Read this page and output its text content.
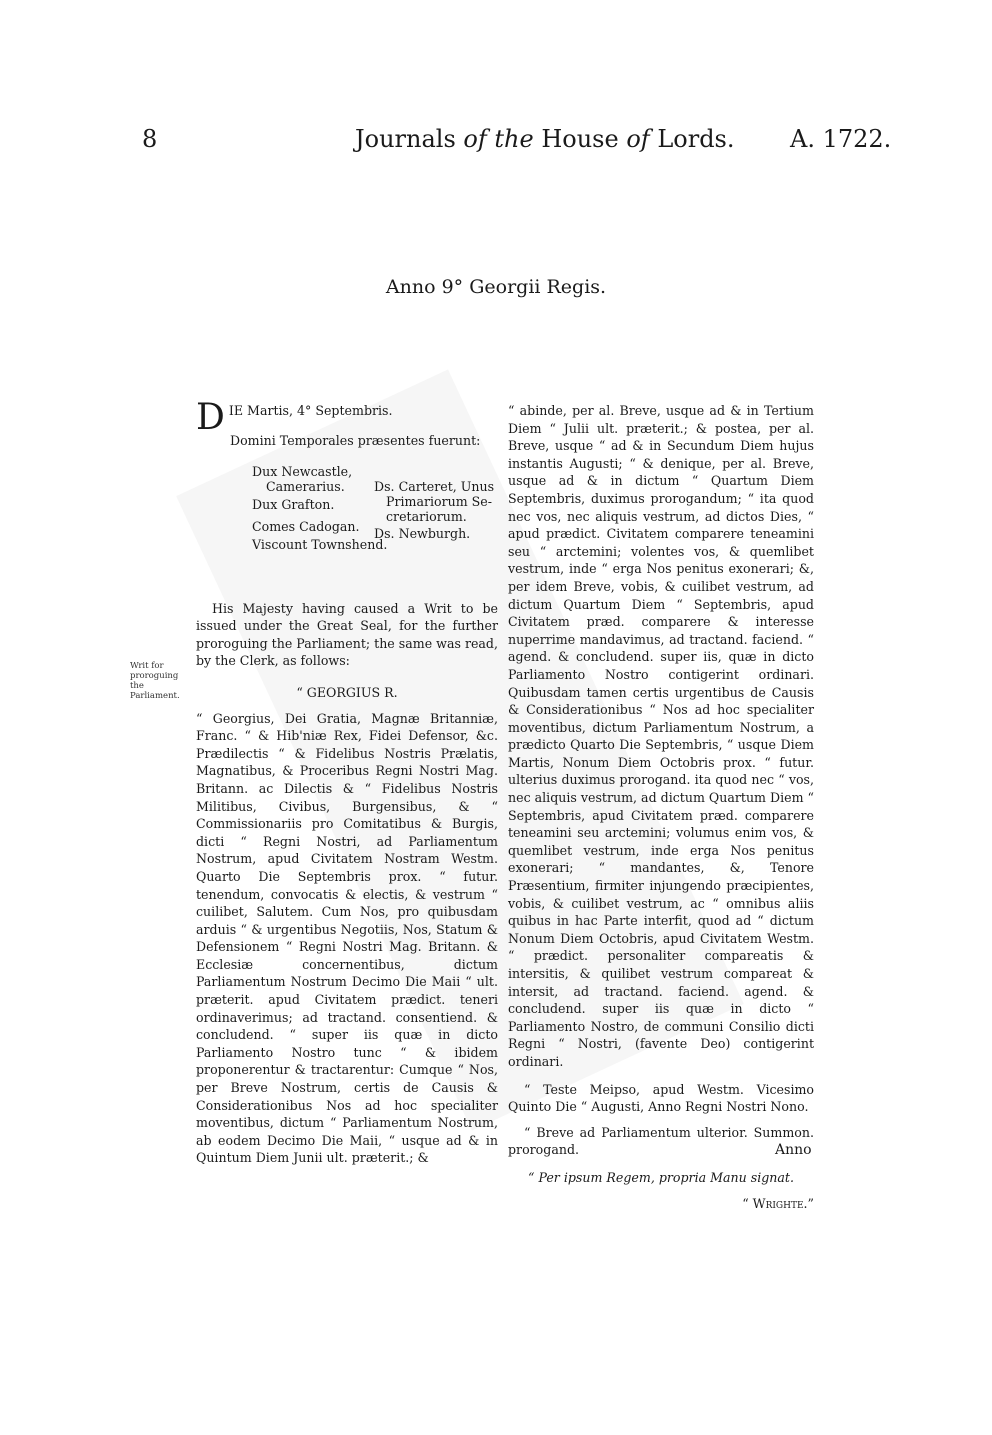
8	Journals of the House of Lords. A. 1722.
Anno 9° Georgii Regis.
Writ for proroguing the Parliament.

D IE Martis, 4° Septembris.

Domini Temporales præsentes fuerunt:

Dux Newcastle,
Camerarius.
Dux Grafton.
Comes Cadogan.
Viscount Townshend.
Ds. Carteret, Unus
Primariorum Se-
cretariorum.
Ds. Newburgh.

His Majesty having caused a Writ to be issued under the Great Seal, for the further proroguing the Parliament; the same was read, by the Clerk, as follows:

“ GEORGIUS R.

“ Georgius, Dei Gratia, Magnæ Britanniæ, Franc. “ & Hib'niæ Rex, Fidei Defensor, &c. Prædilectis “ & Fidelibus Nostris Prælatis, Magnatibus, & Proceribus Regni Nostri Mag. Britann. ac Dilectis & “ Fidelibus Nostris Militibus, Civibus, Burgensibus, & “ Commissionariis pro Comitatibus & Burgis, dicti “ Regni Nostri, ad Parliamentum Nostrum, apud Civitatem Nostram Westm. Quarto Die Septembris prox. “ futur. tenendum, convocatis & electis, & vestrum “ cuilibet, Salutem. Cum Nos, pro quibusdam arduis “ & urgentibus Negotiis, Nos, Statum & Defensionem “ Regni Nostri Mag. Britann. & Ecclesiæ concernentibus, dictum Parliamentum Nostrum Decimo Die Maii “ ult. præterit. apud Civitatem prædict. teneri ordinaverimus; ad tractand. consentiend. & concludend. “ super iis quæ in dicto Parliamento Nostro tunc “ & ibidem proponerentur & tractarentur: Cumque “ Nos, per Breve Nostrum, certis de Causis & Considerationibus Nos ad hoc specialiter moventibus, dictum “ Parliamentum Nostrum, ab eodem Decimo Die Maii, “ usque ad & in Quintum Diem Junii ult. præterit.; &

“ abinde, per al. Breve, usque ad & in Tertium Diem “ Julii ult. præterit.; & postea, per al. Breve, usque “ ad & in Secundum Diem hujus instantis Augusti; “ & denique, per al. Breve, usque ad & in dictum “ Quartum Diem Septembris, duximus prorogandum; “ ita quod nec vos, nec aliquis vestrum, ad dictos Dies, “ apud prædict. Civitatem comparere teneamini seu “ arctemini; volentes vos, & quemlibet vestrum, inde “ erga Nos penitus exonerari; &, per idem Breve, vobis, & cuilibet vestrum, ad dictum Quartum Diem “ Septembris, apud Civitatem præd. comparere & interesse nuperrime mandavimus, ad tractand. faciend. “ agend. & concludend. super iis, quæ in dicto Parliamento Nostro contigerint ordinari. Quibusdam tamen certis urgentibus de Causis & Considerationibus “ Nos ad hoc specialiter moventibus, dictum Parliamentum Nostrum, a prædicto Quarto Die Septembris, “ usque Diem Martis, Nonum Diem Octobris prox. “ futur. ulterius duximus prorogand. ita quod nec “ vos, nec aliquis vestrum, ad dictum Quartum Diem “ Septembris, apud Civitatem præd. comparere teneamini seu arctemini; volumus enim vos, & quemlibet vestrum, inde erga Nos penitus exonerari; “ mandantes, &, Tenore Præsentium, firmiter injungendo præcipientes, vobis, & cuilibet vestrum, ac “ omnibus aliis quibus in hac Parte interfit, quod ad “ dictum Nonum Diem Octobris, apud Civitatem Westm. “ prædict. personaliter compareatis & intersitis, & quilibet vestrum compareat & intersit, ad tractand. faciend. agend. & concludend. super iis quæ in dicto “ Parliamento Nostro, de communi Consilio dicti Regni “ Nostri, (favente Deo) contigerint ordinari.

“ Teste Meipso, apud Westm. Vicesimo Quinto Die “ Augusti, Anno Regni Nostri Nono.

“ Breve ad Parliamentum ulterior. Summon. prorogand.

“ Per ipsum Regem, propria Manu signat.

“ Wrighte.”

Anno
